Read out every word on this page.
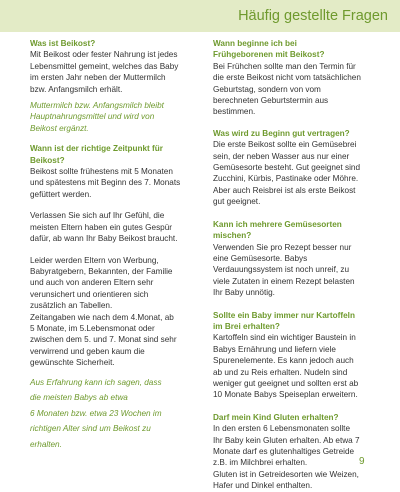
Häufig gestellte Fragen
Was ist Beikost?
Mit Beikost oder fester Nahrung ist jedes
Lebensmittel gemeint, welches das Baby
im ersten Jahr neben der Muttermilch
bzw. Anfangsmilch erhält.
Muttermilch bzw. Anfangsmilch bleibt
Hauptnahrungsmittel und wird von
Beikost ergänzt.
Wann ist der richtige Zeitpunkt für
Beikost?
Beikost sollte frühestens mit 5 Monaten
und spätestens mit Beginn des 7. Monats
gefüttert werden.
Verlassen Sie sich auf Ihr Gefühl, die
meisten Eltern haben ein gutes Gespür
dafür, ab wann Ihr Baby Beikost braucht.
Leider werden Eltern von Werbung,
Babyratgebern, Bekannten, der Familie
und auch von anderen Eltern sehr
verunsichert und orientieren sich
zusätzlich an Tabellen.
Zeitangaben wie nach dem 4.Monat, ab
5 Monate, im 5.Lebensmonat oder
zwischen dem 5. und 7. Monat sind sehr
verwirrend und geben kaum die
gewünschte Sicherheit.
Aus Erfahrung kann ich sagen, dass
die meisten Babys ab etwa
6 Monaten bzw. etwa 23 Wochen im
richtigen Alter sind um Beikost zu
erhalten.
Wann beginne ich bei
Frühgeborenen mit Beikost?
Bei Frühchen sollte man den Termin für
die erste Beikost nicht vom tatsächlichen
Geburtstag, sondern von vom
berechneten Geburtstermin aus
bestimmen.
Was wird zu Beginn gut vertragen?
Die erste Beikost sollte ein Gemüsebrei
sein, der neben Wasser aus nur einer
Gemüsesorte besteht. Gut geeignet sind
Zucchini, Kürbis, Pastinake oder Möhre.
Aber auch Reisbrei ist als erste Beikost
gut geeignet.
Kann ich mehrere Gemüsesorten
mischen?
Verwenden Sie pro Rezept besser nur
eine Gemüsesorte. Babys
Verdauungssystem ist noch unreif, zu
viele Zutaten in einem Rezept belasten
Ihr Baby unnötig.
Sollte ein Baby immer nur Kartoffeln
im Brei erhalten?
Kartoffeln sind ein wichtiger Baustein in
Babys Ernährung und liefern viele
Spurenelemente. Es kann jedoch auch
ab und zu Reis erhalten. Nudeln sind
weniger gut geeignet und sollten erst ab
10 Monate Babys Speiseplan erweitern.
Darf mein Kind Gluten erhalten?
In den ersten 6 Lebensmonaten sollte
Ihr Baby kein Gluten erhalten. Ab etwa 7
Monate darf es glutenhaltiges Getreide
z.B. im Milchbrei erhalten.
Gluten ist in Getreidesorten wie Weizen,
Hafer und Dinkel enthalten.
9
